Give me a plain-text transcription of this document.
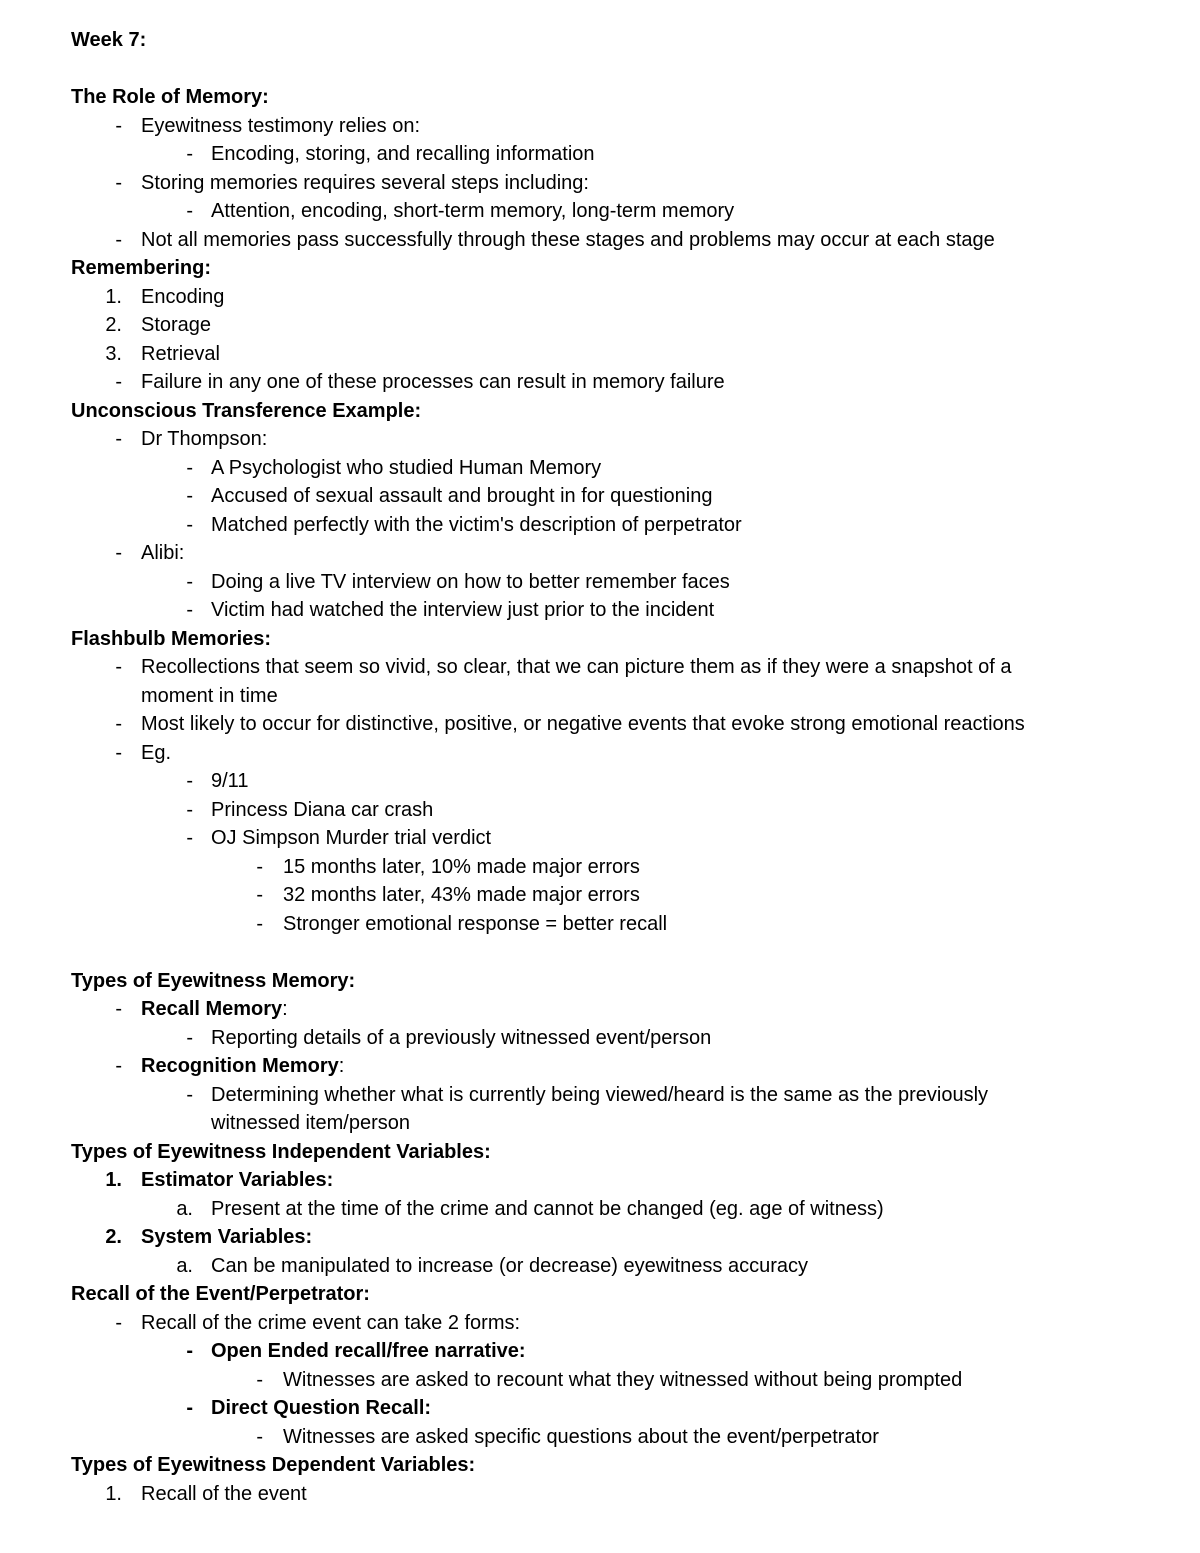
Week 7:
The Role of Memory:
- Eyewitness testimony relies on:
- Encoding, storing, and recalling information
- Storing memories requires several steps including:
- Attention, encoding, short-term memory, long-term memory
- Not all memories pass successfully through these stages and problems may occur at each stage
Remembering:
1. Encoding
2. Storage
3. Retrieval
- Failure in any one of these processes can result in memory failure
Unconscious Transference Example:
- Dr Thompson:
- A Psychologist who studied Human Memory
- Accused of sexual assault and brought in for questioning
- Matched perfectly with the victim's description of perpetrator
- Alibi:
- Doing a live TV interview on how to better remember faces
- Victim had watched the interview just prior to the incident
Flashbulb Memories:
- Recollections that seem so vivid, so clear, that we can picture them as if they were a snapshot of a
moment in time
- Most likely to occur for distinctive, positive, or negative events that evoke strong emotional reactions
- Eg.
- 9/11
- Princess Diana car crash
- OJ Simpson Murder trial verdict
- 15 months later, 10% made major errors
- 32 months later, 43% made major errors
- Stronger emotional response = better recall
Types of Eyewitness Memory:
- Recall Memory:
- Reporting details of a previously witnessed event/person
- Recognition Memory:
- Determining whether what is currently being viewed/heard is the same as the previously
witnessed item/person
Types of Eyewitness Independent Variables:
1. Estimator Variables:
a. Present at the time of the crime and cannot be changed (eg. age of witness)
2. System Variables:
a. Can be manipulated to increase (or decrease) eyewitness accuracy
Recall of the Event/Perpetrator:
- Recall of the crime event can take 2 forms:
- Open Ended recall/free narrative:
- Witnesses are asked to recount what they witnessed without being prompted
- Direct Question Recall:
- Witnesses are asked specific questions about the event/perpetrator
Types of Eyewitness Dependent Variables:
1. Recall of the event
